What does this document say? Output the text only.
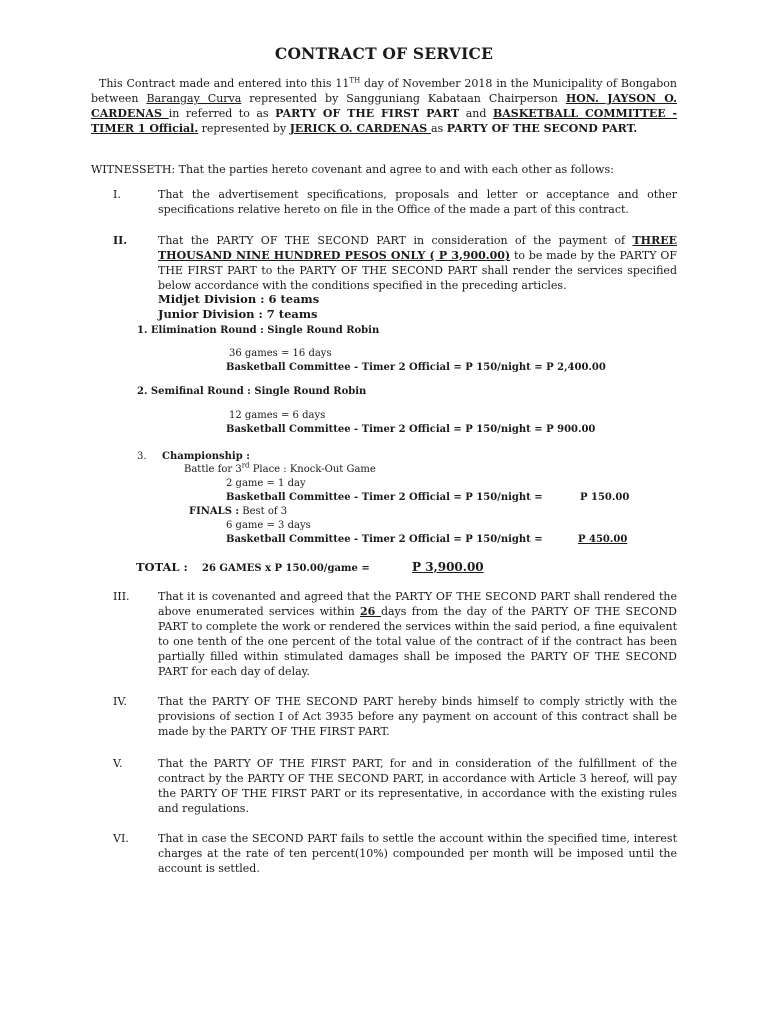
CONTRACT OF SERVICE
This Contract made and entered into this 11TH day of November 2018 in the Municipality of Bongabon between Barangay Curva represented by Sangguniang Kabataan Chairperson HON. JAYSON O. CARDENAS in referred to as PARTY OF THE FIRST PART and BASKETBALL COMMITTEE - TIMER 1 Official. represented by JERICK O. CARDENAS as PARTY OF THE SECOND PART.
WITNESSETH: That the parties hereto covenant and agree to and with each other as follows:
I.	That the advertisement specifications, proposals and letter or acceptance and other specifications relative hereto on file in the Office of the made a part of this contract.
II.	That the PARTY OF THE SECOND PART in consideration of the payment of THREE THOUSAND NINE HUNDRED PESOS ONLY ( P 3,900.00) to be made by the PARTY OF THE FIRST PART to the PARTY OF THE SECOND PART shall render the services specified below accordance with the conditions specified in the preceding articles.
Midjet Division : 6 teams
Junior Division : 7 teams
1. Elimination Round : Single Round Robin
36 games = 16 days
Basketball Committee - Timer 2 Official = P 150/night = P 2,400.00
2. Semifinal Round : Single Round Robin
12 games = 6 days
Basketball Committee - Timer 2 Official = P 150/night = P 900.00
3. Championship :
Battle for 3rd Place : Knock-Out Game
2 game = 1 day
Basketball Committee - Timer 2 Official = P 150/night =	P 150.00
FINALS : Best of 3
6 game = 3 days
Basketball Committee - Timer 2 Official = P 150/night =	P 450.00
TOTAL : 26 GAMES x P 150.00/game =	P 3,900.00
III.	That it is covenanted and agreed that the PARTY OF THE SECOND PART shall rendered the above enumerated services within 26 days from the day of the PARTY OF THE SECOND PART to complete the work or rendered the services within the said period, a fine equivalent to one tenth of the one percent of the total value of the contract of if the contract has been partially filled within stimulated damages shall be imposed the PARTY OF THE SECOND PART for each day of delay.
IV.	That the PARTY OF THE SECOND PART hereby binds himself to comply strictly with the provisions of section I of Act 3935 before any payment on account of this contract shall be made by the PARTY OF THE FIRST PART.
V.	That the PARTY OF THE FIRST PART, for and in consideration of the fulfillment of the contract by the PARTY OF THE SECOND PART, in accordance with Article 3 hereof, will pay the PARTY OF THE FIRST PART or its representative, in accordance with the existing rules and regulations.
VI.	That in case the SECOND PART fails to settle the account within the specified time, interest charges at the rate of ten percent(10%) compounded per month will be imposed until the account is settled.
